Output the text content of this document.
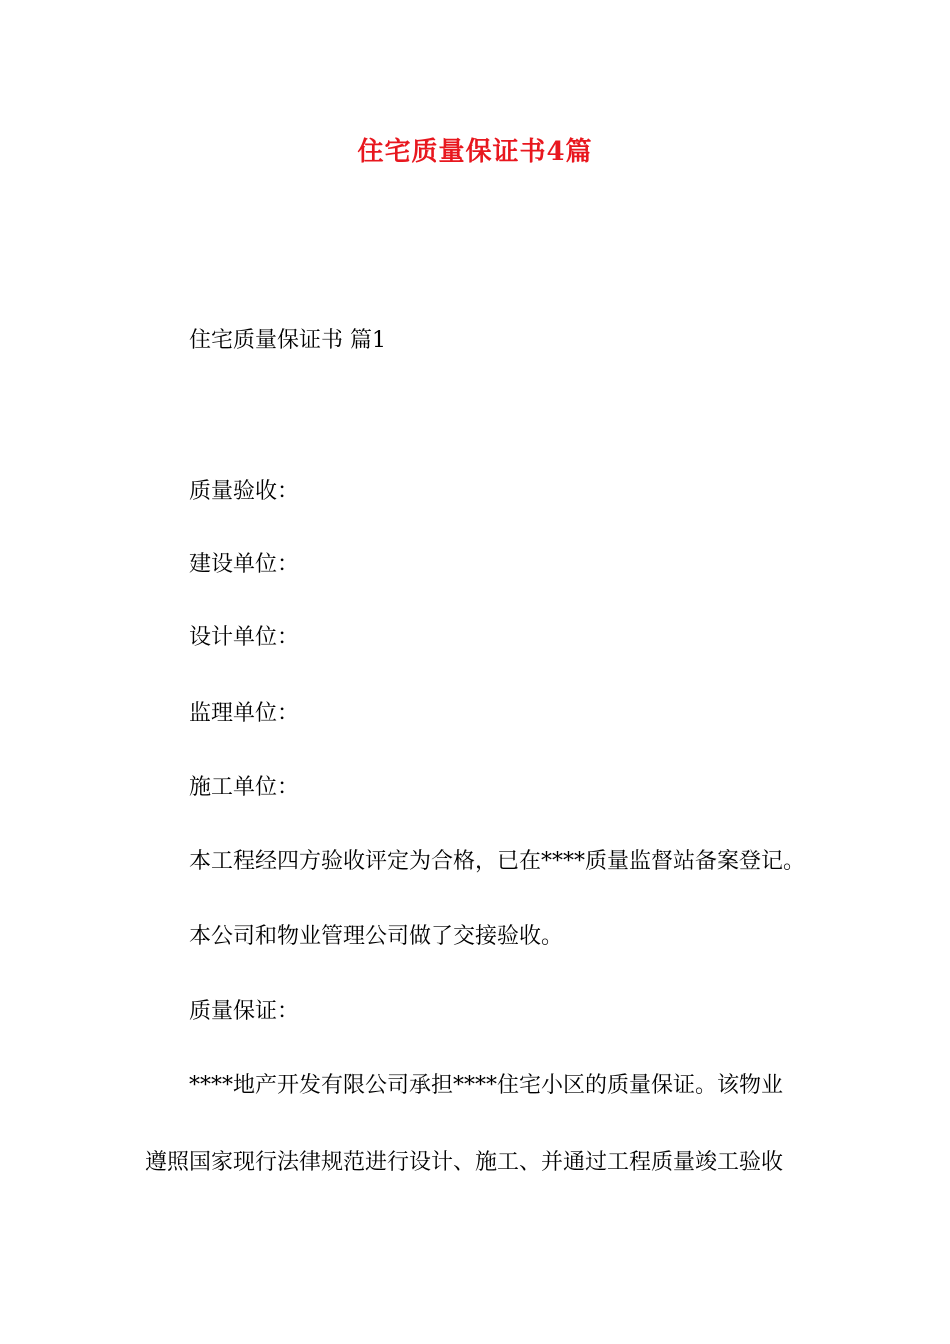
住宅质量保证书4篇
住宅质量保证书 篇1
质量验收：
建设单位：
设计单位：
监理单位：
施工单位：
本工程经四方验收评定为合格，已在****质量监督站备案登记。
本公司和物业管理公司做了交接验收。
质量保证：
****地产开发有限公司承担****住宅小区的质量保证。该物业
遵照国家现行法律规范进行设计、施工、并通过工程质量竣工验收
